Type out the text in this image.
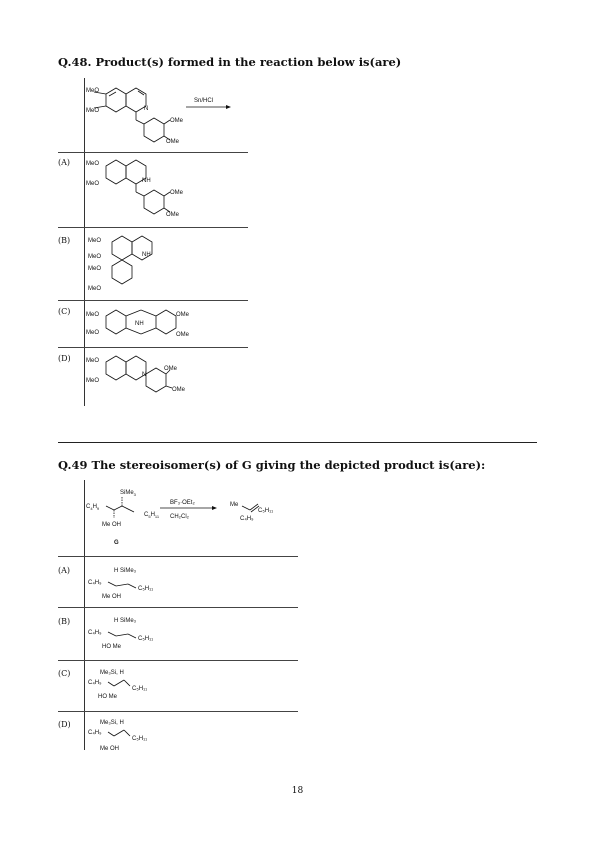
Q.48. Product(s) formed in the reaction below is(are)
MeO
MeO	N
OMe
OMe
Sn/HCl
(A)	MeO
MeO	NH
OMe
OMe
(B)	MeO
MeO	NH
MeO
MeO
(C)	MeO
MeO
NH
OMe
OMe
(D)	MeO
MeO
N
OMe
OMe
Q.49 The stereoisomer(s) of G giving the depicted product is(are):
SiMe$_3$
$C_4H_9$
$C_5H_{11}$
Me OH
G
BF₃·OEt₂
CH₂Cl₂
Me
C₅H₁₁
C₄H₉
(A)	H SiMe₃
C₄H₉
C₅H₁₁
Me OH
(B)	H SiMe₃
C₄H₉
C₅H₁₁
HO Me
(C)	Me₃Si, H
C₄H₉
C₅H₁₁
HO Me
(D)	Me₃Si, H
C₄H₉
C₅H₁₁
Me OH
18
